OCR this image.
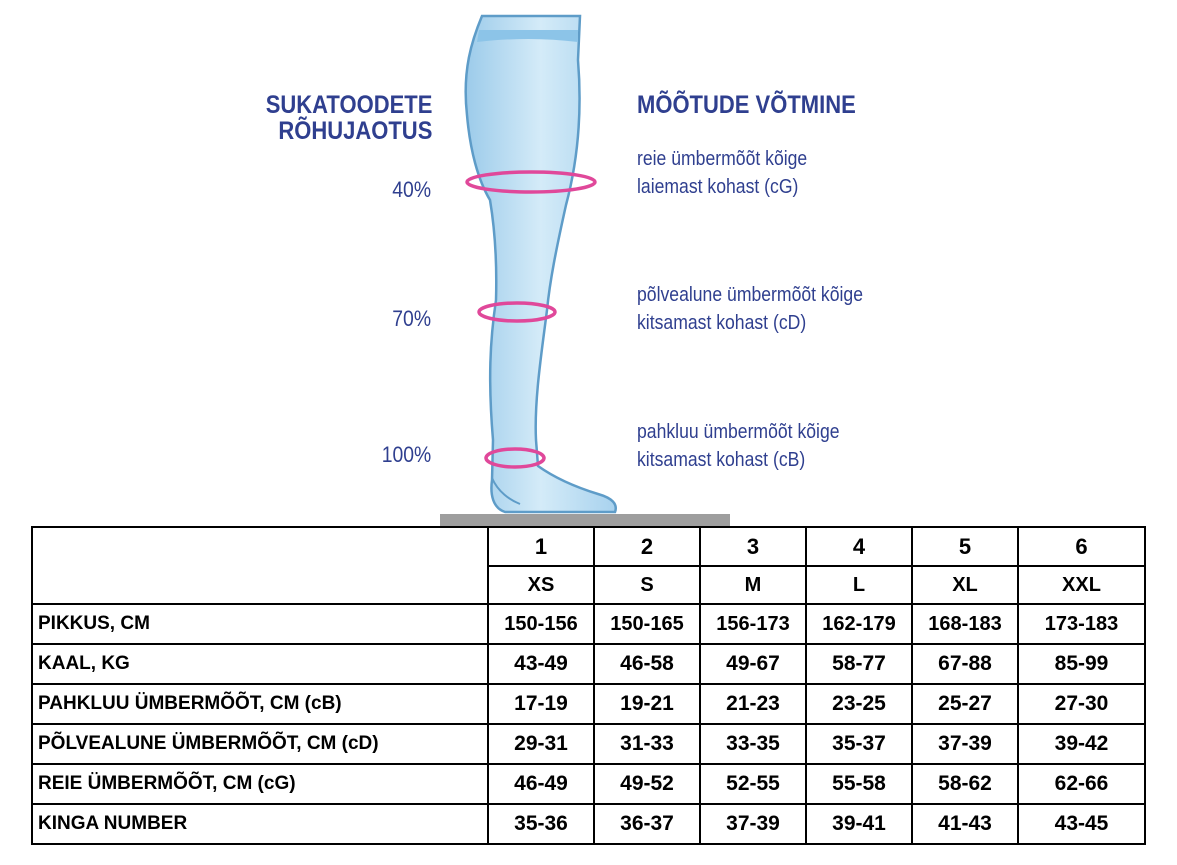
SUKATOODETE
RÕHUJAOTUS
MÕÕTUDE VÕTMINE
40%
70%
100%
reie ümbermõõt kõige
laiemast kohast (cG)
põlvealune ümbermõõt kõige
kitsamast kohast (cD)
pahkluu ümbermõõt kõige
kitsamast kohast (cB)
	1	2	3	4	5	6
	XS	S	M	L	XL	XXL
PIKKUS, CM	150-156	150-165	156-173	162-179	168-183	173-183
KAAL, KG	43-49	46-58	49-67	58-77	67-88	85-99
PAHKLUU ÜMBERMÕÕT, CM (cB)	17-19	19-21	21-23	23-25	25-27	27-30
PÕLVEALUNE ÜMBERMÕÕT, CM (cD)	29-31	31-33	33-35	35-37	37-39	39-42
REIE ÜMBERMÕÕT, CM (cG)	46-49	49-52	52-55	55-58	58-62	62-66
KINGA NUMBER	35-36	36-37	37-39	39-41	41-43	43-45
